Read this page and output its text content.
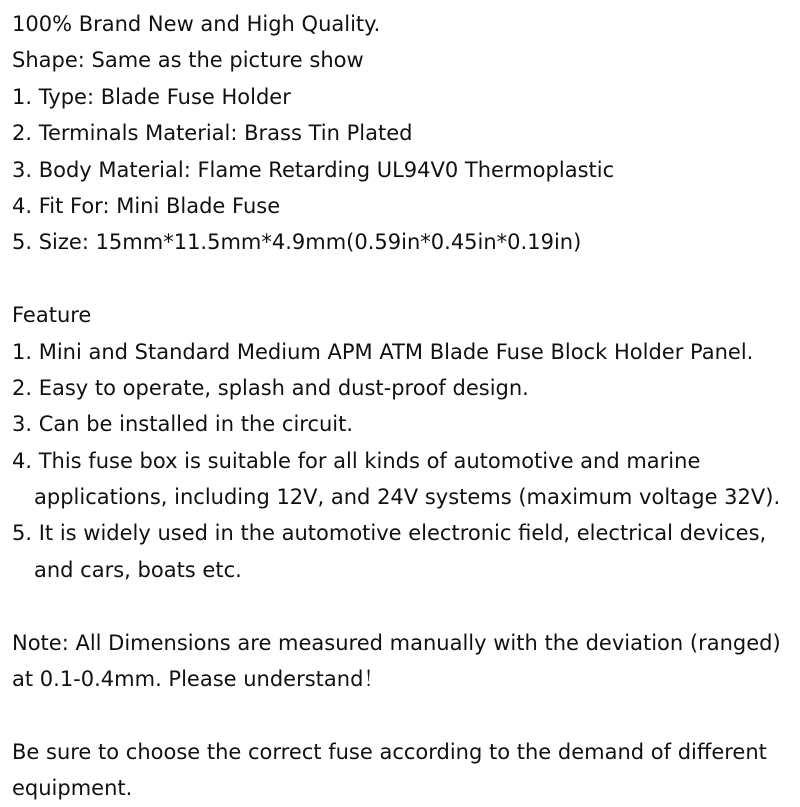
100% Brand New and High Quality.
Shape: Same as the picture show
1. Type: Blade Fuse Holder
2. Terminals Material: Brass Tin Plated
3. Body Material: Flame Retarding UL94V0 Thermoplastic
4. Fit For: Mini Blade Fuse
5. Size: 15mm*11.5mm*4.9mm(0.59in*0.45in*0.19in)
Feature
1. Mini and Standard Medium APM ATM Blade Fuse Block Holder Panel.
2. Easy to operate, splash and dust-proof design.
3. Can be installed in the circuit.
4. This fuse box is suitable for all kinds of automotive and marine
applications, including 12V, and 24V systems (maximum voltage 32V).
5. It is widely used in the automotive electronic field, electrical devices,
and cars, boats etc.
Note: All Dimensions are measured manually with the deviation (ranged)
at 0.1-0.4mm. Please understand！
Be sure to choose the correct fuse according to the demand of different
equipment.
